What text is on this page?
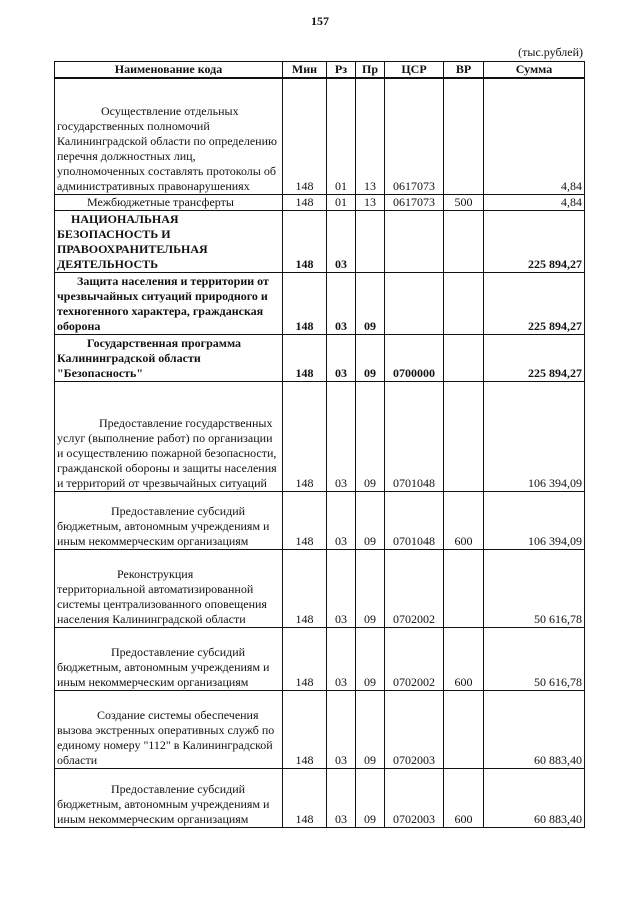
157
(тыс.рублей)
Наименование кода	Мин	Рз	Пр	ЦСР	ВР	Сумма

Осуществление отдельных государственных полномочий Калининградской области по определению перечня должностных лиц, уполномоченных составлять протоколы об административных правонарушениях	148	01	13	0617073		4,84

Межбюджетные трансферты	148	01	13	0617073	500	4,84

НАЦИОНАЛЬНАЯ БЕЗОПАСНОСТЬ И ПРАВООХРАНИТЕЛЬНАЯ ДЕЯТЕЛЬНОСТЬ	148	03				225 894,27

Защита населения и территории от чрезвычайных ситуаций природного и техногенного характера, гражданская оборона	148	03	09			225 894,27

Государственная программа Калининградской области "Безопасность"	148	03	09	0700000		225 894,27

Предоставление государственных услуг (выполнение работ) по организации и осуществлению пожарной безопасности, гражданской обороны и защиты населения и территорий от чрезвычайных ситуаций	148	03	09	0701048		106 394,09

Предоставление субсидий бюджетным, автономным учреждениям и иным некоммерческим организациям	148	03	09	0701048	600	106 394,09

Реконструкция территориальной автоматизированной системы централизованного оповещения населения Калининградской области	148	03	09	0702002		50 616,78

Предоставление субсидий бюджетным, автономным учреждениям и иным некоммерческим организациям	148	03	09	0702002	600	50 616,78

Создание системы обеспечения вызова экстренных оперативных служб по единому номеру "112" в Калининградской области	148	03	09	0702003		60 883,40

Предоставление субсидий бюджетным, автономным учреждениям и иным некоммерческим организациям	148	03	09	0702003	600	60 883,40
